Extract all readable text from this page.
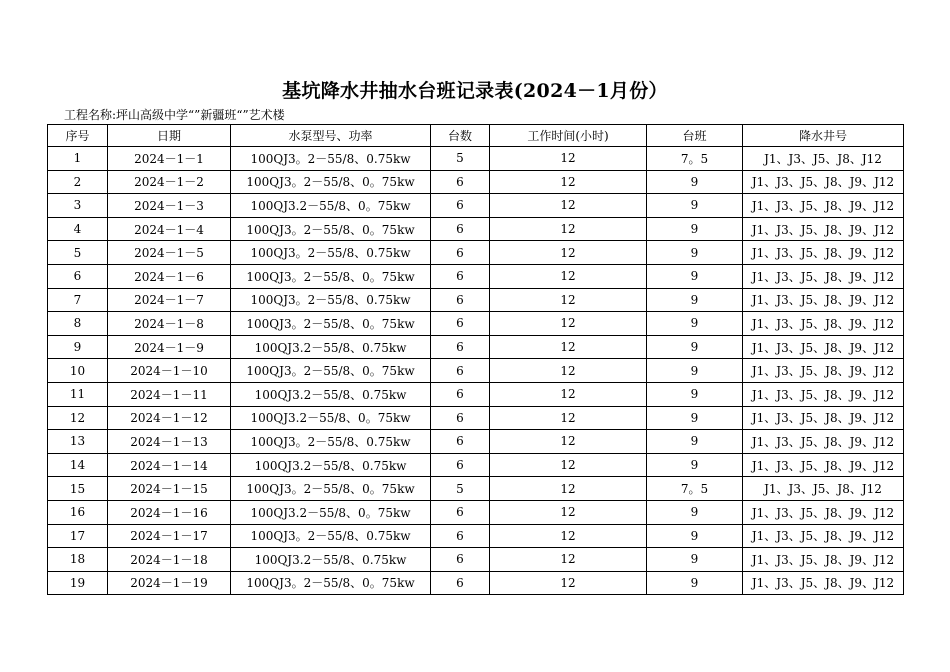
基坑降水井抽水台班记录表(2024－1月份）
工程名称:坪山高级中学“”新疆班“”艺术楼
序号	日期	水泵型号、功率	台数	工作时间(小时)	台班	降水井号
1	2024－1－1	100QJ3。2－55/8、0.75kw	5	12	7。5	J1、J3、J5、J8、J12
2	2024－1－2	100QJ3。2－55/8、0。75kw	6	12	9	J1、J3、J5、J8、J9、J12
3	2024－1－3	100QJ3.2－55/8、0。75kw	6	12	9	J1、J3、J5、J8、J9、J12
4	2024－1－4	100QJ3。2－55/8、0。75kw	6	12	9	J1、J3、J5、J8、J9、J12
5	2024－1－5	100QJ3。2－55/8、0.75kw	6	12	9	J1、J3、J5、J8、J9、J12
6	2024－1－6	100QJ3。2－55/8、0。75kw	6	12	9	J1、J3、J5、J8、J9、J12
7	2024－1－7	100QJ3。2－55/8、0.75kw	6	12	9	J1、J3、J5、J8、J9、J12
8	2024－1－8	100QJ3。2－55/8、0。75kw	6	12	9	J1、J3、J5、J8、J9、J12
9	2024－1－9	100QJ3.2－55/8、0.75kw	6	12	9	J1、J3、J5、J8、J9、J12
10	2024－1－10	100QJ3。2－55/8、0。75kw	6	12	9	J1、J3、J5、J8、J9、J12
11	2024－1－11	100QJ3.2－55/8、0.75kw	6	12	9	J1、J3、J5、J8、J9、J12
12	2024－1－12	100QJ3.2－55/8、0。75kw	6	12	9	J1、J3、J5、J8、J9、J12
13	2024－1－13	100QJ3。2－55/8、0.75kw	6	12	9	J1、J3、J5、J8、J9、J12
14	2024－1－14	100QJ3.2－55/8、0.75kw	6	12	9	J1、J3、J5、J8、J9、J12
15	2024－1－15	100QJ3。2－55/8、0。75kw	5	12	7。5	J1、J3、J5、J8、J12
16	2024－1－16	100QJ3.2－55/8、0。75kw	6	12	9	J1、J3、J5、J8、J9、J12
17	2024－1－17	100QJ3。2－55/8、0.75kw	6	12	9	J1、J3、J5、J8、J9、J12
18	2024－1－18	100QJ3.2－55/8、0.75kw	6	12	9	J1、J3、J5、J8、J9、J12
19	2024－1－19	100QJ3。2－55/8、0。75kw	6	12	9	J1、J3、J5、J8、J9、J12
